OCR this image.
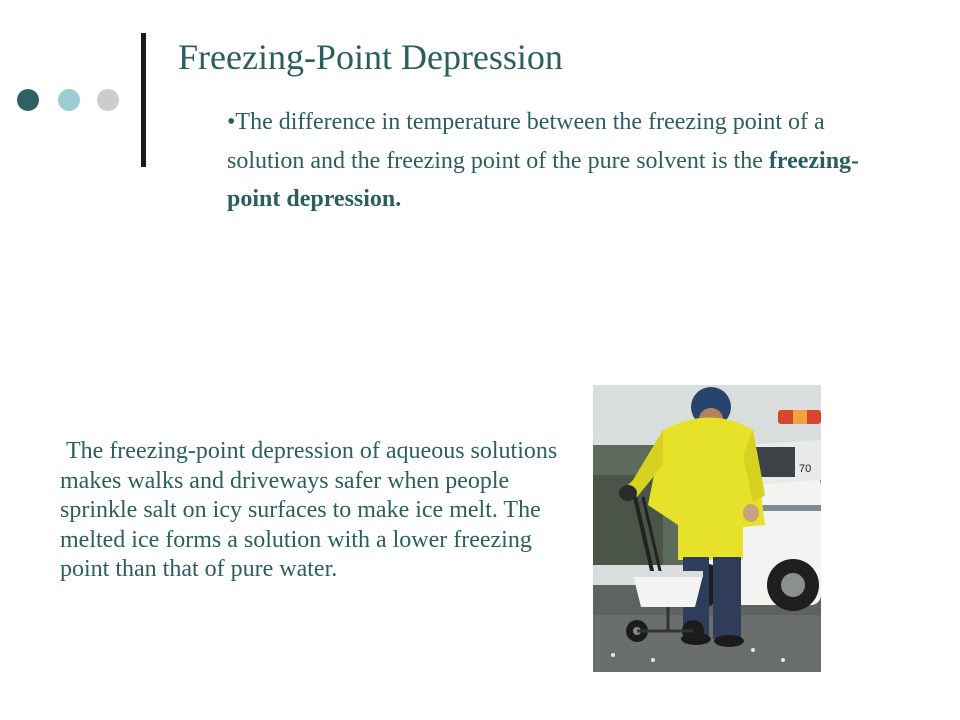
Freezing-Point Depression
•The difference in temperature between the freezing point of a solution and the freezing point of the pure solvent is the freezing-point depression.
The freezing-point depression of aqueous solutions makes walks and driveways safer when people sprinkle salt on icy surfaces to make ice melt. The melted ice forms a solution with a lower freezing point than that of pure water.
70
